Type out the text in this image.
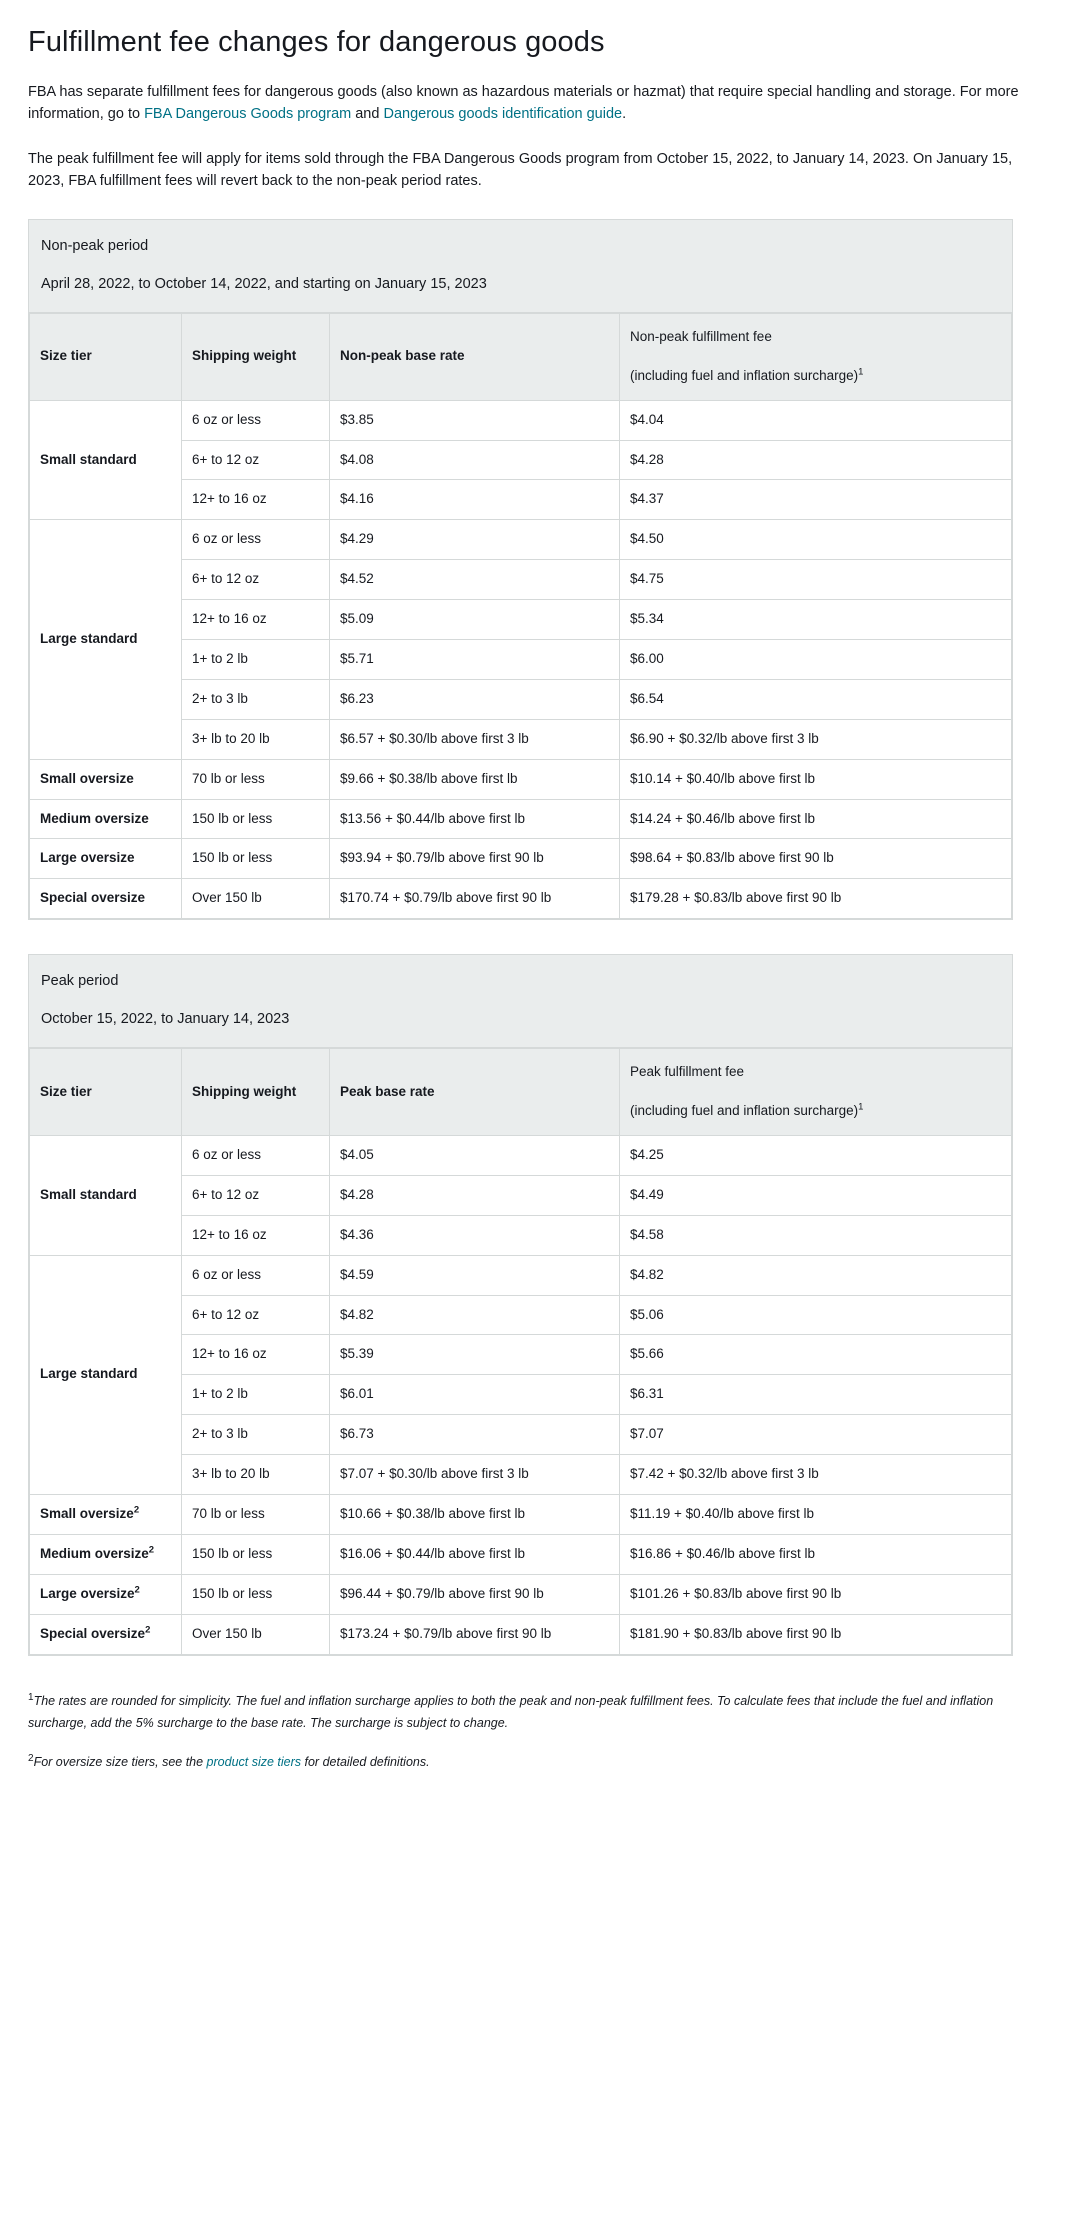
Fulfillment fee changes for dangerous goods

FBA has separate fulfillment fees for dangerous goods (also known as hazardous materials or hazmat) that require special handling and storage. For more information, go to FBA Dangerous Goods program and Dangerous goods identification guide.

The peak fulfillment fee will apply for items sold through the FBA Dangerous Goods program from October 15, 2022, to January 14, 2023. On January 15, 2023, FBA fulfillment fees will revert back to the non-peak period rates.

Non-peak period
April 28, 2022, to October 14, 2022, and starting on January 15, 2023
Size tier	Shipping weight	Non-peak base rate	Non-peak fulfillment fee
(including fuel and inflation surcharge)$^1$

Small standard	6 oz or less	$3.85	$4.04
	6+ to 12 oz	$4.08	$4.28
	12+ to 16 oz	$4.16	$4.37
Large standard	6 oz or less	$4.29	$4.50
	6+ to 12 oz	$4.52	$4.75
	12+ to 16 oz	$5.09	$5.34
	1+ to 2 lb	$5.71	$6.00
	2+ to 3 lb	$6.23	$6.54
	3+ lb to 20 lb	$6.57 + $0.30/lb above first 3 lb	$6.90 + $0.32/lb above first 3 lb
Small oversize	70 lb or less	$9.66 + $0.38/lb above first lb	$10.14 + $0.40/lb above first lb
Medium oversize	150 lb or less	$13.56 + $0.44/lb above first lb	$14.24 + $0.46/lb above first lb
Large oversize	150 lb or less	$93.94 + $0.79/lb above first 90 lb	$98.64 + $0.83/lb above first 90 lb
Special oversize	Over 150 lb	$170.74 + $0.79/lb above first 90 lb	$179.28 + $0.83/lb above first 90 lb
Peak period
October 15, 2022, to January 14, 2023
Size tier	Shipping weight	Peak base rate	Peak fulfillment fee
(including fuel and inflation surcharge)$^1$

Small standard	6 oz or less	$4.05	$4.25
	6+ to 12 oz	$4.28	$4.49
	12+ to 16 oz	$4.36	$4.58
Large standard	6 oz or less	$4.59	$4.82
	6+ to 12 oz	$4.82	$5.06
	12+ to 16 oz	$5.39	$5.66
	1+ to 2 lb	$6.01	$6.31
	2+ to 3 lb	$6.73	$7.07
	3+ lb to 20 lb	$7.07 + $0.30/lb above first 3 lb	$7.42 + $0.32/lb above first 3 lb
Small oversize$^2$	70 lb or less	$10.66 + $0.38/lb above first lb	$11.19 + $0.40/lb above first lb
Medium oversize$^2$	150 lb or less	$16.06 + $0.44/lb above first lb	$16.86 + $0.46/lb above first lb
Large oversize$^2$	150 lb or less	$96.44 + $0.79/lb above first 90 lb	$101.26 + $0.83/lb above first 90 lb
Special oversize$^2$	Over 150 lb	$173.24 + $0.79/lb above first 90 lb	$181.90 + $0.83/lb above first 90 lb
$^1$The rates are rounded for simplicity. The fuel and inflation surcharge applies to both the peak and non-peak fulfillment fees. To calculate fees that include the fuel and inflation surcharge, add the 5% surcharge to the base rate. The surcharge is subject to change.
$^2$For oversize size tiers, see the product size tiers for detailed definitions.
